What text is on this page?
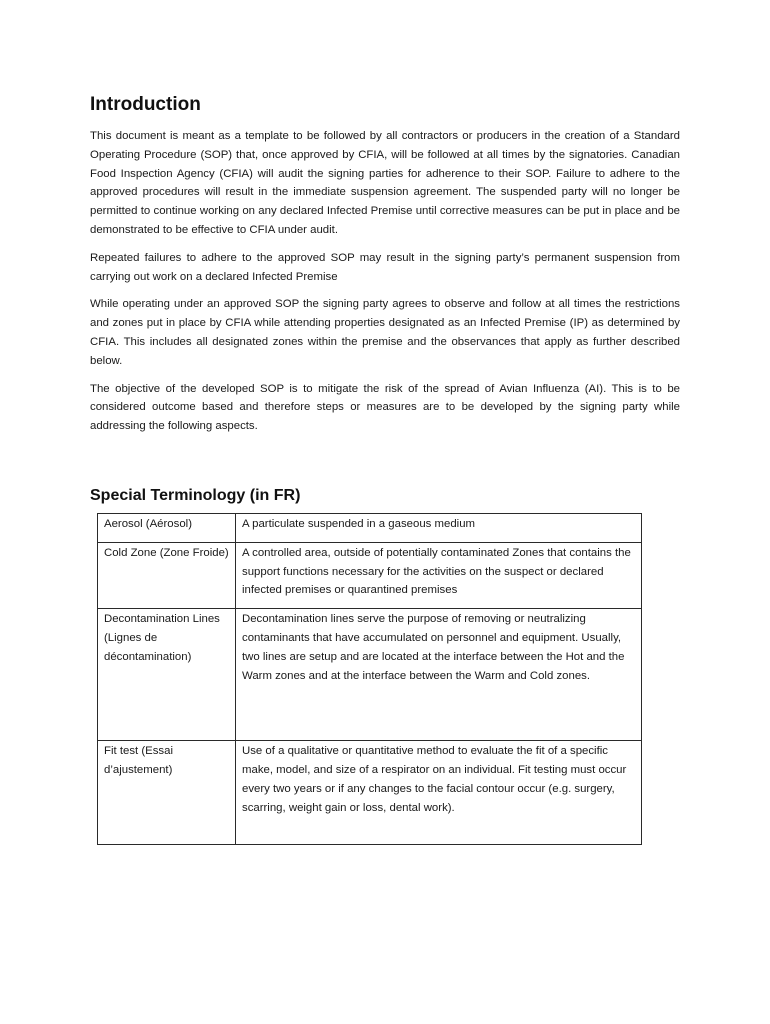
Introduction

This document is meant as a template to be followed by all contractors or producers in the creation of a Standard Operating Procedure (SOP) that, once approved by CFIA, will be followed at all times by the signatories. Canadian Food Inspection Agency (CFIA) will audit the signing parties for adherence to their SOP. Failure to adhere to the approved procedures will result in the immediate suspension agreement. The suspended party will no longer be permitted to continue working on any declared Infected Premise until corrective measures can be put in place and be demonstrated to be effective to CFIA under audit.

Repeated failures to adhere to the approved SOP may result in the signing party’s permanent suspension from carrying out work on a declared Infected Premise

While operating under an approved SOP the signing party agrees to observe and follow at all times the restrictions and zones put in place by CFIA while attending properties designated as an Infected Premise (IP) as determined by CFIA. This includes all designated zones within the premise and the observances that apply as further described below.

The objective of the developed SOP is to mitigate the risk of the spread of Avian Influenza (AI). This is to be considered outcome based and therefore steps or measures are to be developed by the signing party while addressing the following aspects.

Special Terminology (in FR)
Aerosol (Aérosol)	A particulate suspended in a gaseous medium
Cold Zone (Zone Froide)	A controlled area, outside of potentially contaminated Zones that contains the support functions necessary for the activities on the suspect or declared infected premises or quarantined premises
Decontamination Lines (Lignes de décontamination)	Decontamination lines serve the purpose of removing or neutralizing contaminants that have accumulated on personnel and equipment. Usually, two lines are setup and are located at the interface between the Hot and the Warm zones and at the interface between the Warm and Cold zones.
Fit test (Essai d’ajustement)	Use of a qualitative or quantitative method to evaluate the fit of a specific make, model, and size of a respirator on an individual. Fit testing must occur every two years or if any changes to the facial contour occur (e.g. surgery, scarring, weight gain or loss, dental work).
